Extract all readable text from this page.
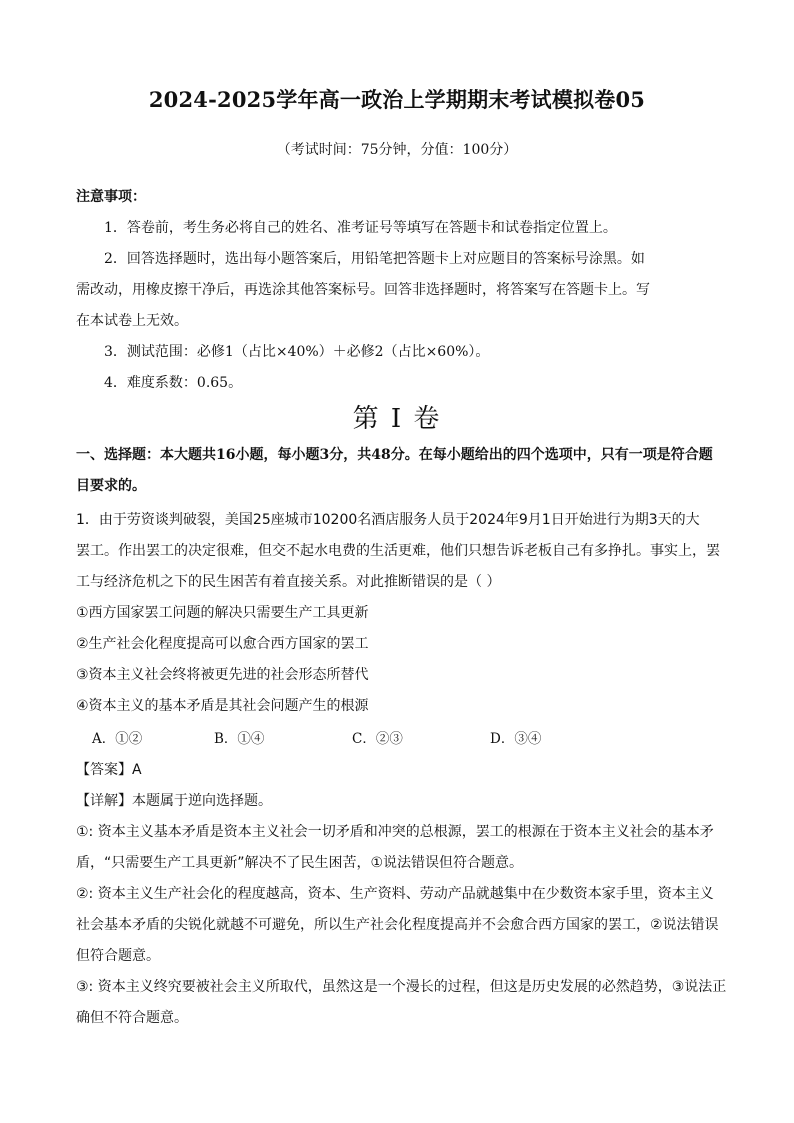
2024-2025学年高一政治上学期期末考试模拟卷05
（考试时间：75分钟，分值：100分）
注意事项：
1．答卷前，考生务必将自己的姓名、准考证号等填写在答题卡和试卷指定位置上。
2．回答选择题时，选出每小题答案后，用铅笔把答题卡上对应题目的答案标号涂黑。如
需改动，用橡皮擦干净后，再选涂其他答案标号。回答非选择题时，将答案写在答题卡上。写
在本试卷上无效。
3．测试范围：必修1（占比×40%）＋必修2（占比×60%）。
4．难度系数：0.65。
第 I 卷
一、选择题：本大题共16小题，每小题3分，共48分。在每小题给出的四个选项中，只有一项是符合题
目要求的。
1．由于劳资谈判破裂，美国25座城市10200名酒店服务人员于2024年9月1日开始进行为期3天的大
罢工。作出罢工的决定很难，但交不起水电费的生活更难，他们只想告诉老板自己有多挣扎。事实上，罢
工与经济危机之下的民生困苦有着直接关系。对此推断错误的是（ ）
①西方国家罢工问题的解决只需要生产工具更新
②生产社会化程度提高可以愈合西方国家的罢工
③资本主义社会终将被更先进的社会形态所替代
④资本主义的基本矛盾是其社会问题产生的根源
A．①②	B．①④	C．②③	D．③④
【答案】A
【详解】本题属于逆向选择题。
①: 资本主义基本矛盾是资本主义社会一切矛盾和冲突的总根源，罢工的根源在于资本主义社会的基本矛
盾，“只需要生产工具更新”解决不了民生困苦，①说法错误但符合题意。
②: 资本主义生产社会化的程度越高，资本、生产资料、劳动产品就越集中在少数资本家手里，资本主义
社会基本矛盾的尖锐化就越不可避免，所以生产社会化程度提高并不会愈合西方国家的罢工，②说法错误
但符合题意。
③: 资本主义终究要被社会主义所取代，虽然这是一个漫长的过程，但这是历史发展的必然趋势，③说法正
确但不符合题意。
